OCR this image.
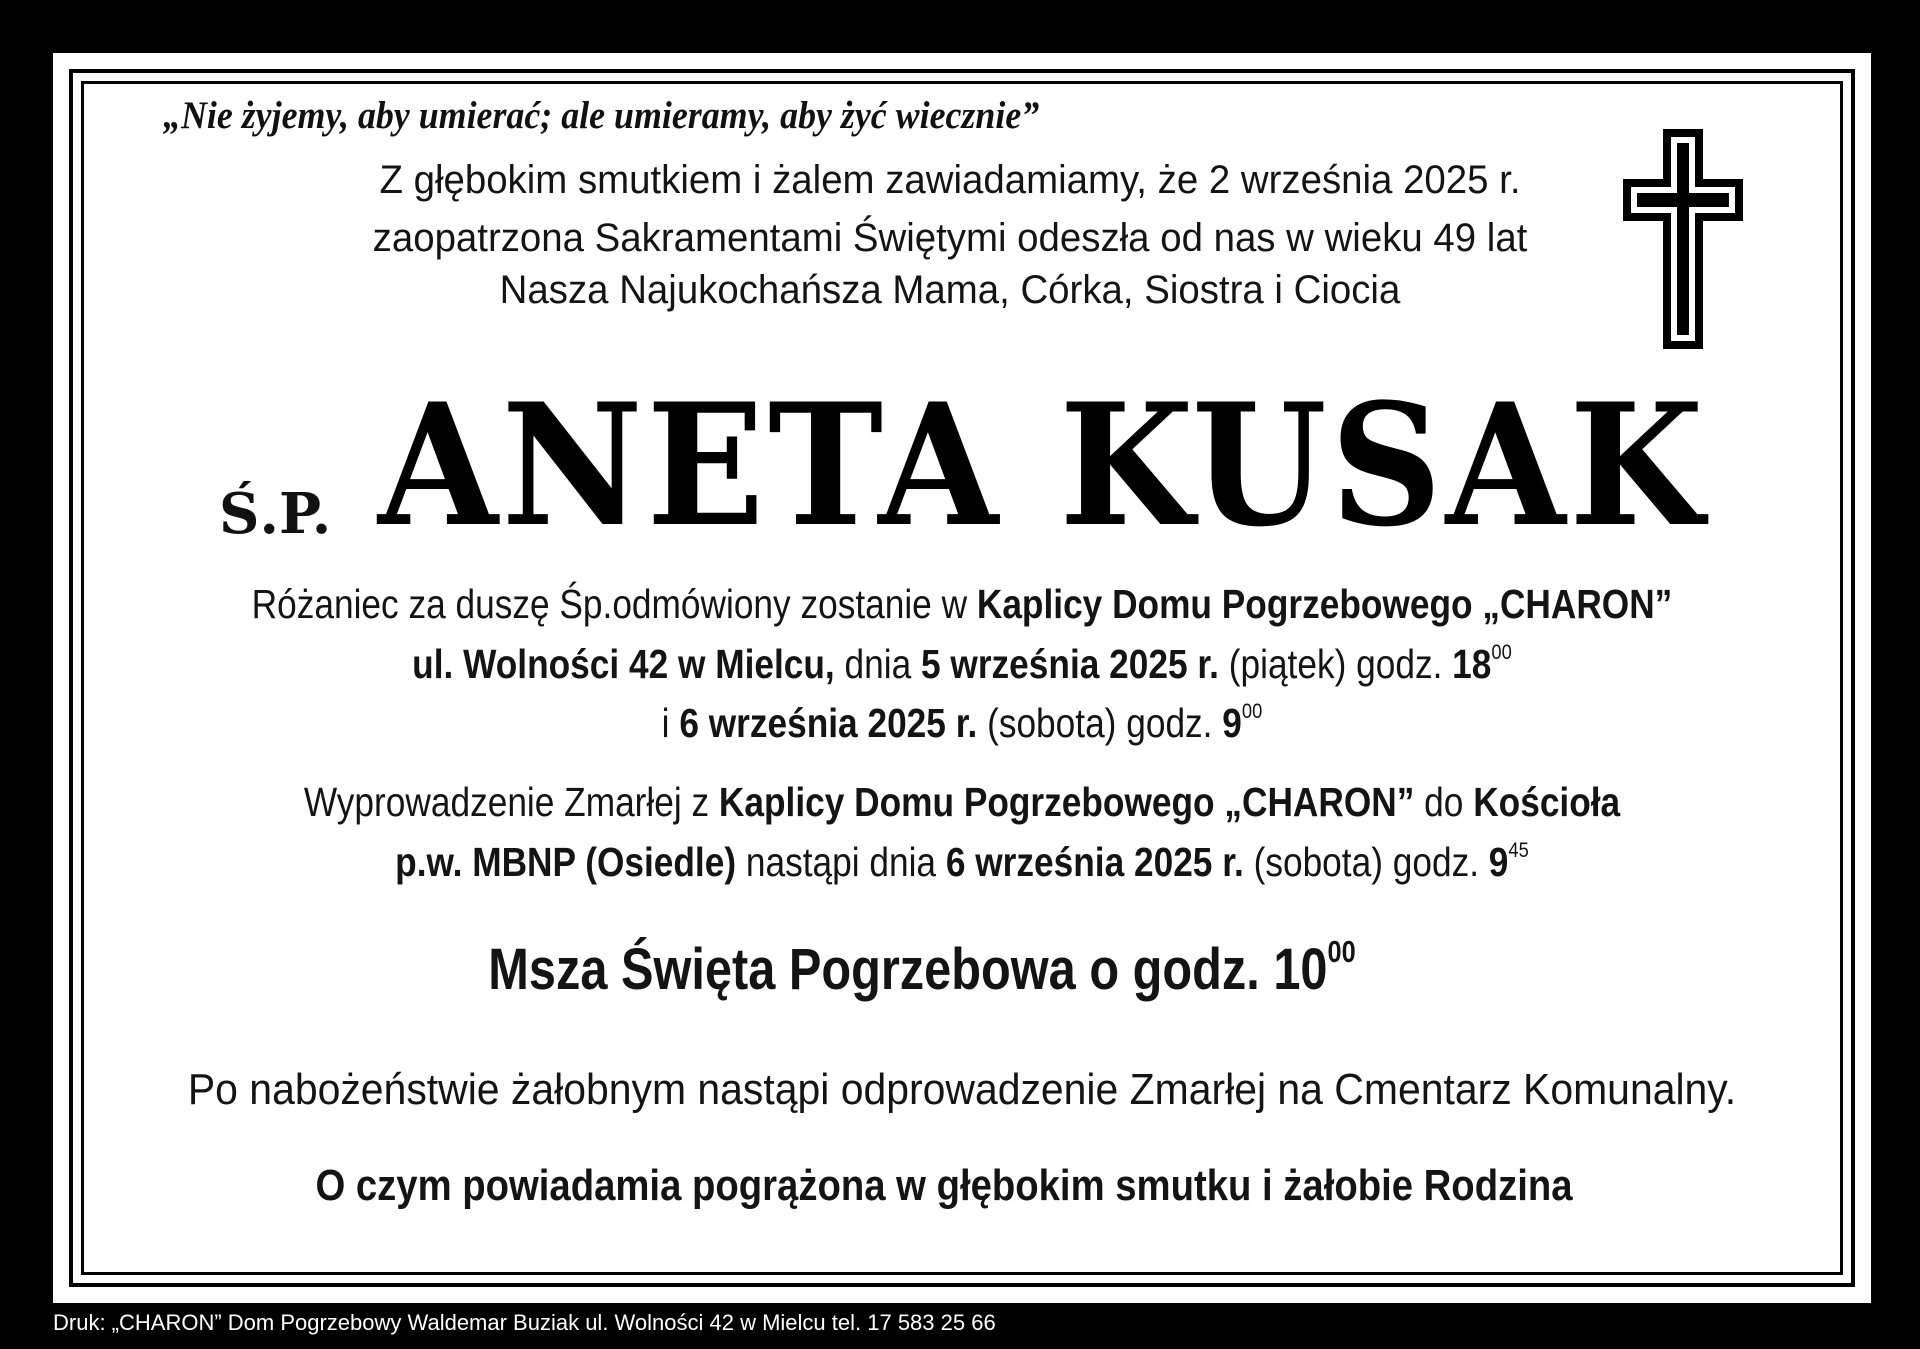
„Nie żyjemy, aby umierać; ale umieramy, aby żyć wiecznie”
Z głębokim smutkiem i żalem zawiadamiamy, że 2 września 2025 r.
zaopatrzona Sakramentami Świętymi odeszła od nas w wieku 49 lat
Nasza Najukochańsza Mama, Córka, Siostra i Ciocia
Ś.P. ANETA KUSAK
Różaniec za duszę Śp.odmówiony zostanie w Kaplicy Domu Pogrzebowego „CHARON”
ul. Wolności 42 w Mielcu, dnia 5 września 2025 r. (piątek) godz. $18^{00}$
i 6 września 2025 r. (sobota) godz. $9^{00}$
Wyprowadzenie Zmarłej z Kaplicy Domu Pogrzebowego „CHARON” do Kościoła
p.w. MBNP (Osiedle) nastąpi dnia 6 września 2025 r. (sobota) godz. $9^{45}$
Msza Święta Pogrzebowa o godz. $10^{00}$
Po nabożeństwie żałobnym nastąpi odprowadzenie Zmarłej na Cmentarz Komunalny.
O czym powiadamia pogrążona w głębokim smutku i żałobie Rodzina
Druk: „CHARON” Dom Pogrzebowy Waldemar Buziak ul. Wolności 42 w Mielcu tel. 17 583 25 66
